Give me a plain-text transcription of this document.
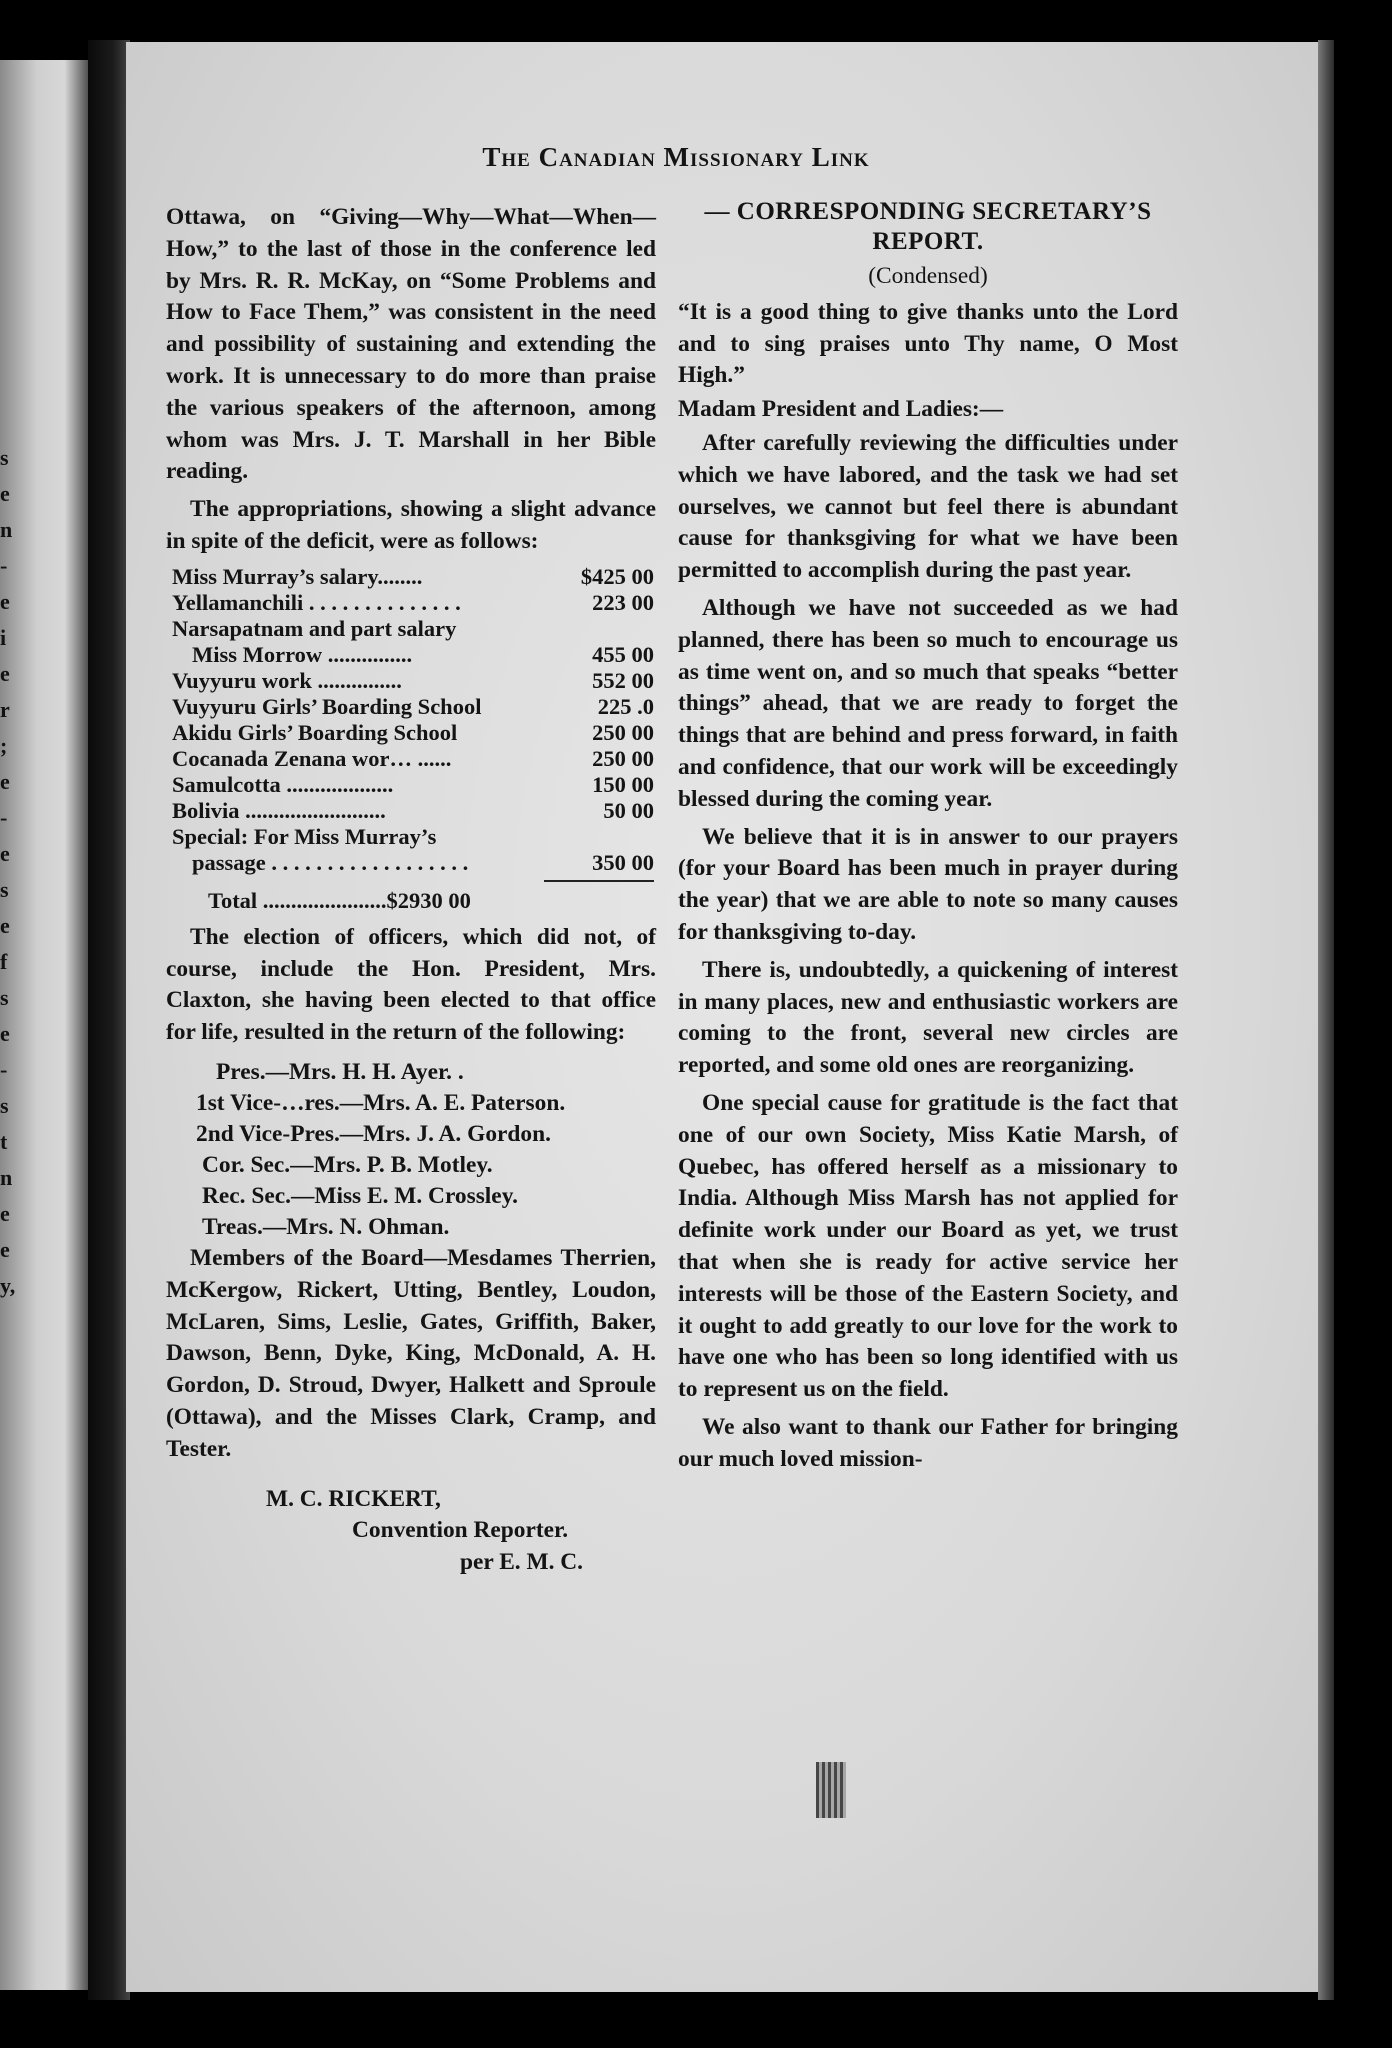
s
e
n
-
e
i
e
r
;
e
-
e
s
e
f
s
e
-
s
t
n
e
e
y,
The Canadian Missionary Link

Ottawa, on “Giving—Why—What—When—How,” to the last of those in the conference led by Mrs. R. R. McKay, on “Some Problems and How to Face Them,” was consistent in the need and possibility of sustaining and extending the work. It is unnecessary to do more than praise the various speakers of the afternoon, among whom was Mrs. J. T. Marshall in her Bible reading.

The appropriations, showing a slight advance in spite of the deficit, were as follows:

Miss Murray’s salary........	$425 00
Yellamanchili . . . . . . . . . . . . . .	223 00
Narsapatnam and part salary
Miss Morrow ...............	455 00
Vuyyuru work ...............	552 00
Vuyyuru Girls’ Boarding School	225 .0
Akidu Girls’ Boarding School	250 00
Cocanada Zenana wor… ......	250 00
Samulcotta ...................	150 00
Bolivia .........................	50 00
Special: For Miss Murray’s
passage . . . . . . . . . . . . . . . . . .	350 00
Total ......................$2930 00

The election of officers, which did not, of course, include the Hon. President, Mrs. Claxton, she having been elected to that office for life, resulted in the return of the following:

Pres.—Mrs. H. H. Ayer. .
1st Vice-…res.—Mrs. A. E. Paterson.
2nd Vice-Pres.—Mrs. J. A. Gordon.
Cor. Sec.—Mrs. P. B. Motley.
Rec. Sec.—Miss E. M. Crossley.
Treas.—Mrs. N. Ohman.

Members of the Board—Mesdames Therrien, McKergow, Rickert, Utting, Bentley, Loudon, McLaren, Sims, Leslie, Gates, Griffith, Baker, Dawson, Benn, Dyke, King, McDonald, A. H. Gordon, D. Stroud, Dwyer, Halkett and Sproule (Ottawa), and the Misses Clark, Cramp, and Tester.

M. C. RICKERT,
Convention Reporter.
per E. M. C.
— CORRESPONDING SECRETARY’S REPORT.
(Condensed)

“It is a good thing to give thanks unto the Lord and to sing praises unto Thy name, O Most High.”

Madam President and Ladies:—

After carefully reviewing the difficulties under which we have labored, and the task we had set ourselves, we cannot but feel there is abundant cause for thanksgiving for what we have been permitted to accomplish during the past year.

Although we have not succeeded as we had planned, there has been so much to encourage us as time went on, and so much that speaks “better things” ahead, that we are ready to forget the things that are behind and press forward, in faith and confidence, that our work will be exceedingly blessed during the coming year.

We believe that it is in answer to our prayers (for your Board has been much in prayer during the year) that we are able to note so many causes for thanksgiving to-day.

There is, undoubtedly, a quickening of interest in many places, new and enthusiastic workers are coming to the front, several new circles are reported, and some old ones are reorganizing.

One special cause for gratitude is the fact that one of our own Society, Miss Katie Marsh, of Quebec, has offered herself as a missionary to India. Although Miss Marsh has not applied for definite work under our Board as yet, we trust that when she is ready for active service her interests will be those of the Eastern Society, and it ought to add greatly to our love for the work to have one who has been so long identified with us to represent us on the field.

We also want to thank our Father for bringing our much loved mission-
